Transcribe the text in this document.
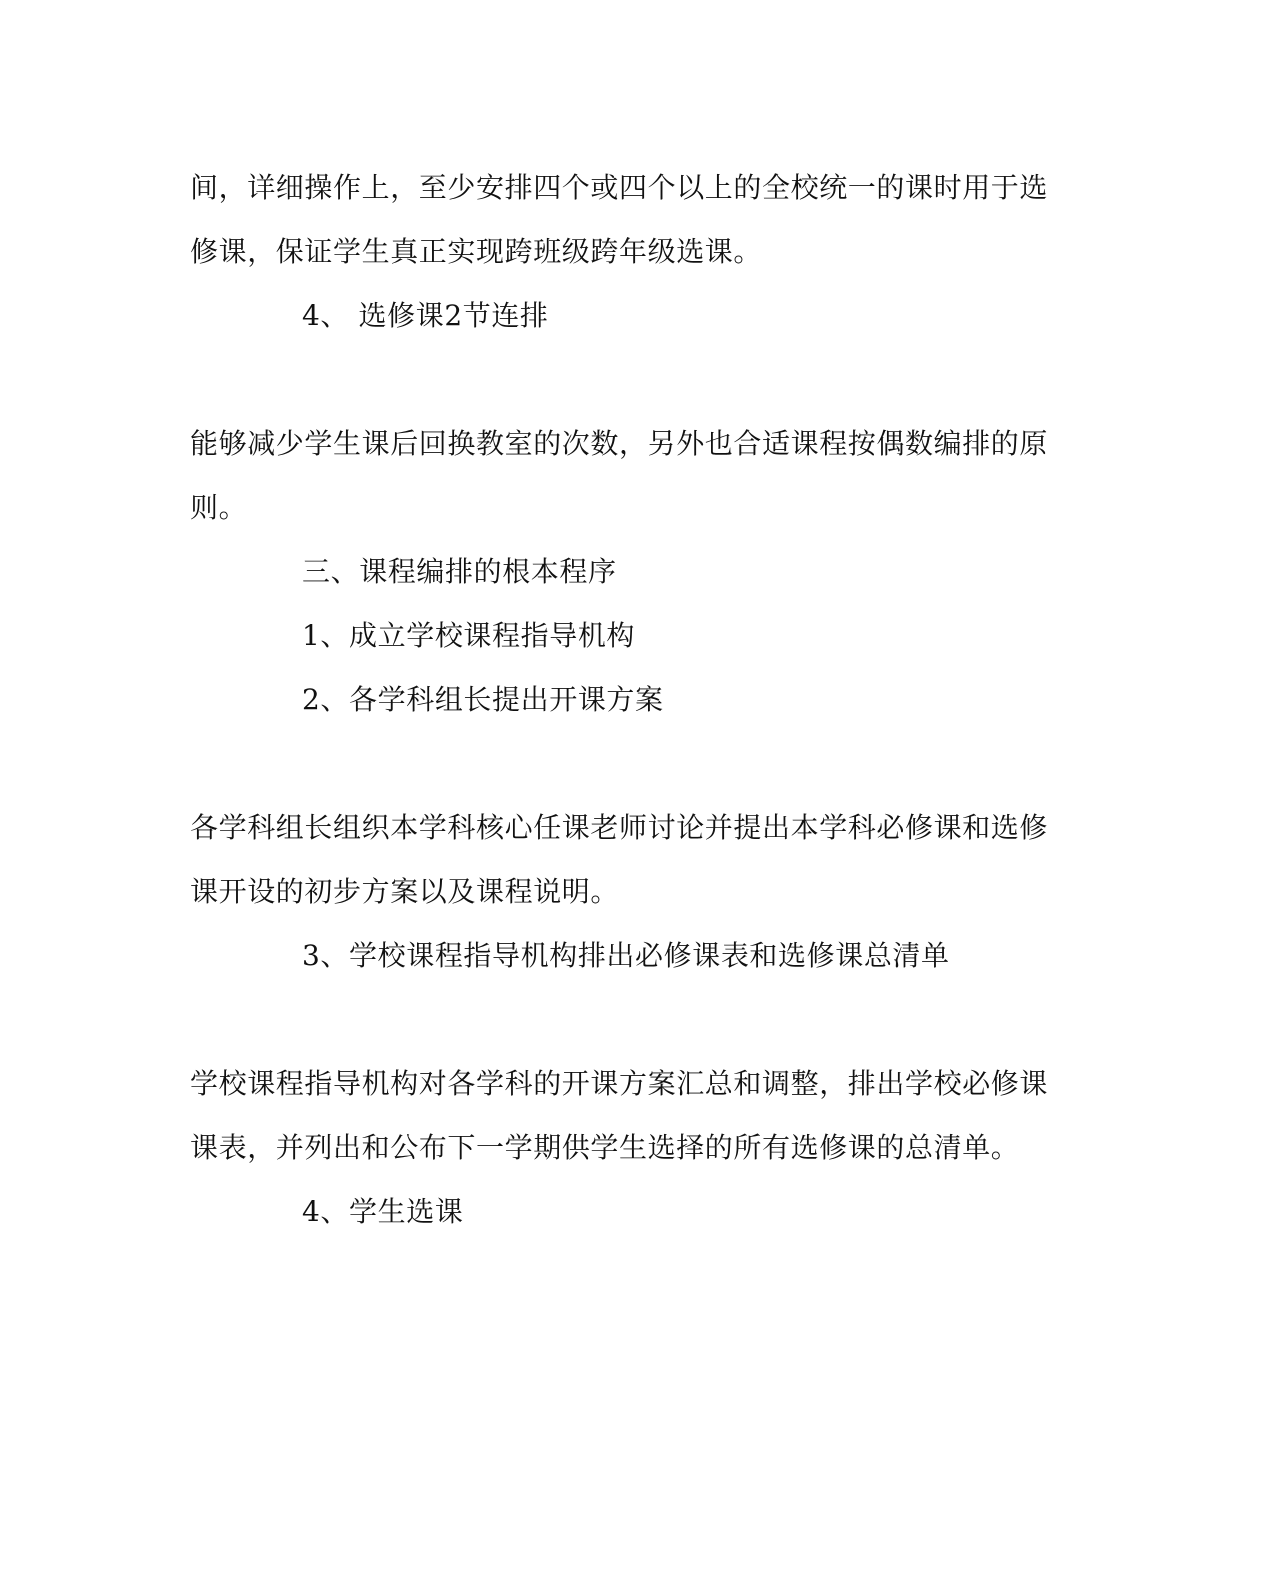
间，详细操作上，至少安排四个或四个以上的全校统一的课时用于选
修课，保证学生真正实现跨班级跨年级选课。
4、 选修课2节连排
能够减少学生课后回换教室的次数，另外也合适课程按偶数编排的原
则。
三、课程编排的根本程序
1、成立学校课程指导机构
2、各学科组长提出开课方案
各学科组长组织本学科核心任课老师讨论并提出本学科必修课和选修
课开设的初步方案以及课程说明。
3、学校课程指导机构排出必修课表和选修课总清单
学校课程指导机构对各学科的开课方案汇总和调整，排出学校必修课
课表，并列出和公布下一学期供学生选择的所有选修课的总清单。
4、学生选课
